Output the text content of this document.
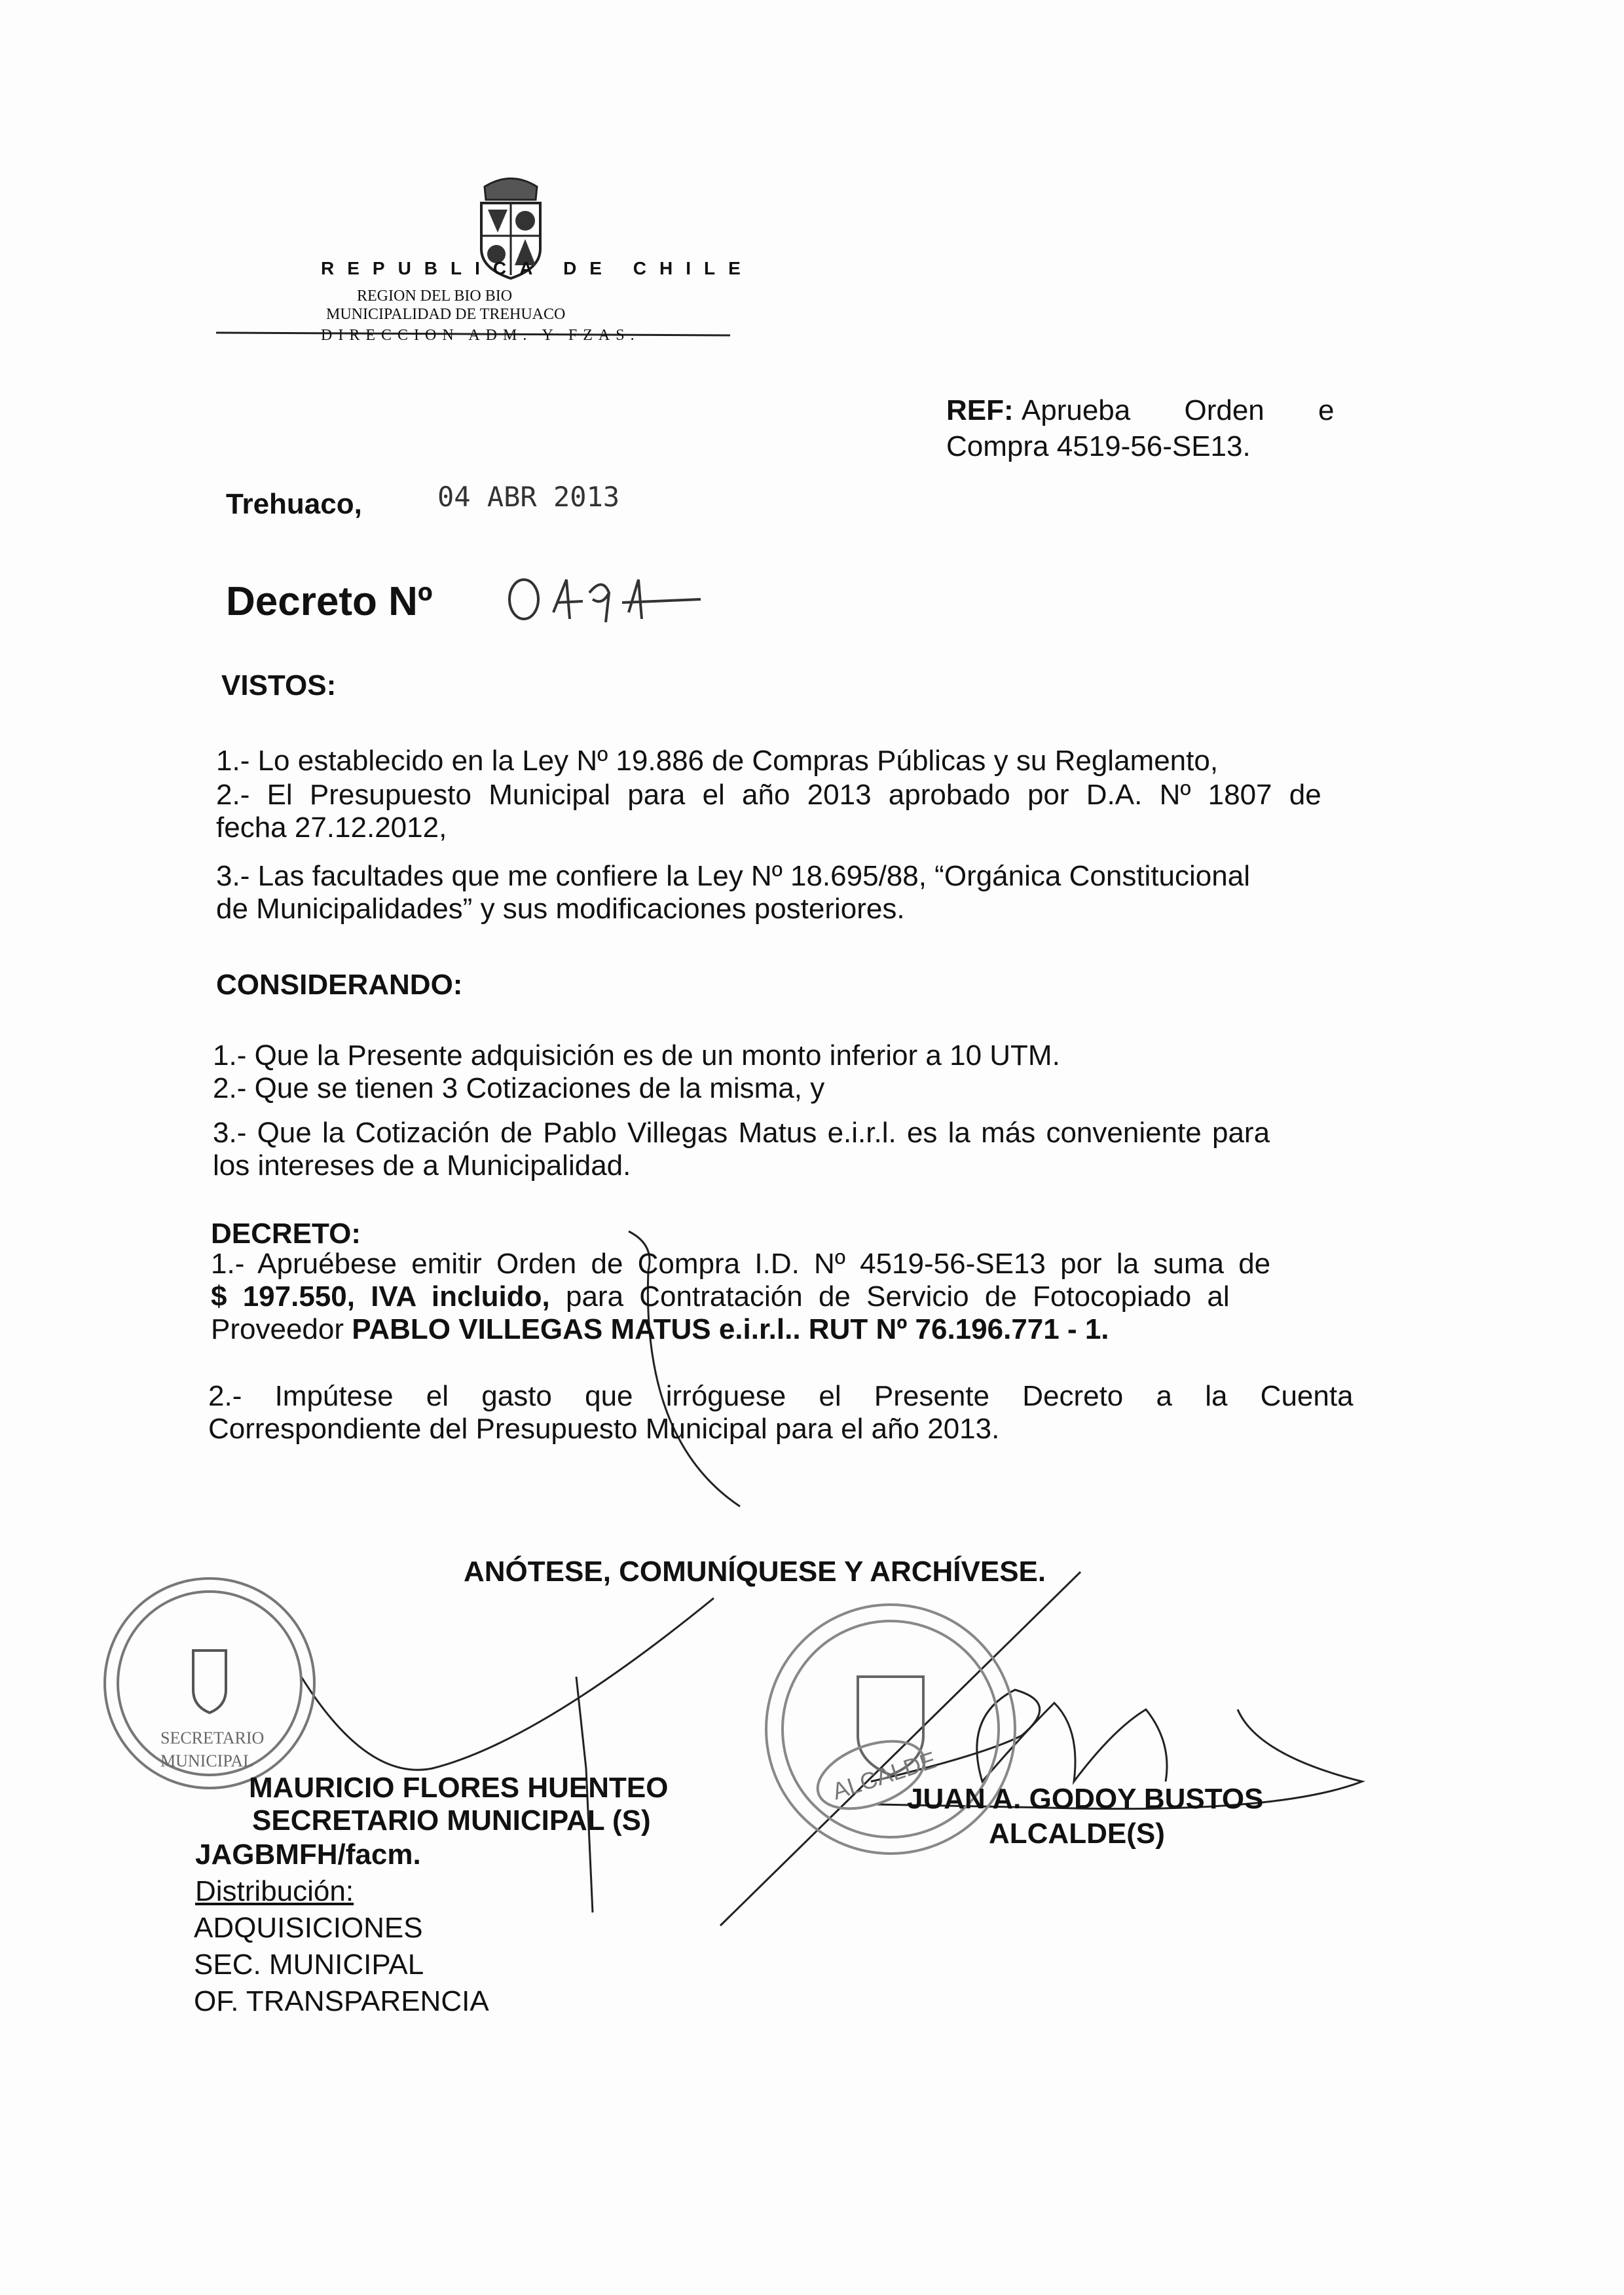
SECRETARIO
MUNICIPAL	ALCALDE
REPUBLICA DE CHILE
REGION DEL BIO BIO
MUNICIPALIDAD DE TREHUACO
DIRECCION ADM. Y FZAS.
REF: Aprueba Orden e
Compra 4519-56-SE13.
Trehuaco,	04 ABR 2013
Decreto Nº
VISTOS:
1.- Lo establecido en la Ley Nº 19.886 de Compras Públicas y su Reglamento,
2.- El Presupuesto Municipal para el año 2013 aprobado por D.A. Nº 1807 de
fecha 27.12.2012,
3.- Las facultades que me confiere la Ley Nº 18.695/88, “Orgánica Constitucional
de Municipalidades” y sus modificaciones posteriores.
CONSIDERANDO:
1.- Que la Presente adquisición es de un monto inferior a 10 UTM.
2.- Que se tienen 3 Cotizaciones de la misma, y
3.- Que la Cotización de Pablo Villegas Matus e.i.r.l. es la más conveniente para
los intereses de a Municipalidad.
DECRETO:
1.- Apruébese emitir Orden de Compra I.D. Nº 4519-56-SE13 por la suma de
$ 197.550, IVA incluido, para Contratación de Servicio de Fotocopiado al
Proveedor PABLO VILLEGAS MATUS e.i.r.l.. RUT Nº 76.196.771 - 1.
2.- Impútese el gasto que irróguese el Presente Decreto a la Cuenta
Correspondiente del Presupuesto Municipal para el año 2013.
ANÓTESE, COMUNÍQUESE Y ARCHÍVESE.
MAURICIO FLORES HUENTEO
SECRETARIO MUNICIPAL (S)
JUAN A. GODOY BUSTOS
ALCALDE(S)
JAGBMFH/facm.
Distribución:
ADQUISICIONES
SEC. MUNICIPAL
OF. TRANSPARENCIA
